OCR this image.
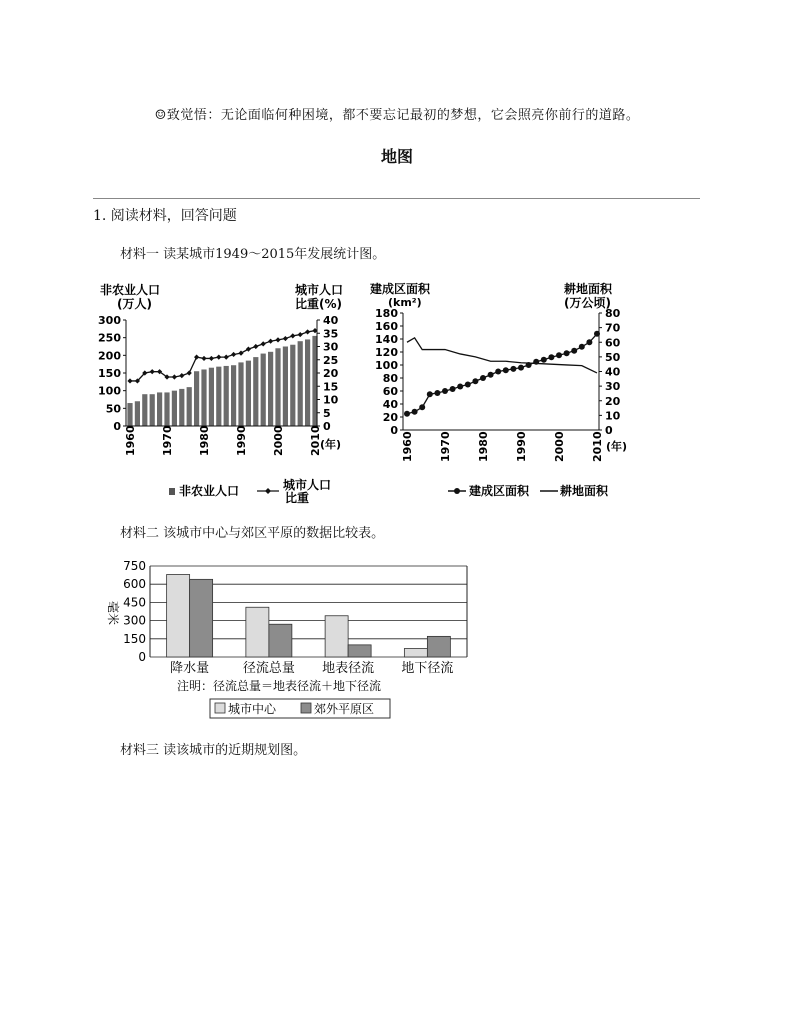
☺致觉悟：无论面临何种困境，都不要忘记最初的梦想，它会照亮你前行的道路。
地图
1. 阅读材料，回答问题
材料一 读某城市1949～2015年发展统计图。
非农业人口
(万人)
城市人口
比重(%)
(年)
0
50
100
150
200
250
300
0
5
10
15
20
25
30
35
40
1960 1970 1980 1990 2000 2010
非农业人口	城市人口
比重
建成区面积
(km²)
耕地面积
(万公顷)
(年)
0
20
40
60
80
100
120
140
160
180
0
10
20
30
40
50
60
70
80
1960 1970 1980 1990 2000 2010
建成区面积	耕地面积
材料二 该城市中心与郊区平原的数据比较表。
毫米
0
150
300
450
600
750
降水量	径流总量 地表径流 地下径流
注明：径流总量＝地表径流＋地下径流
城市中心	郊外平原区
材料三 读该城市的近期规划图。
